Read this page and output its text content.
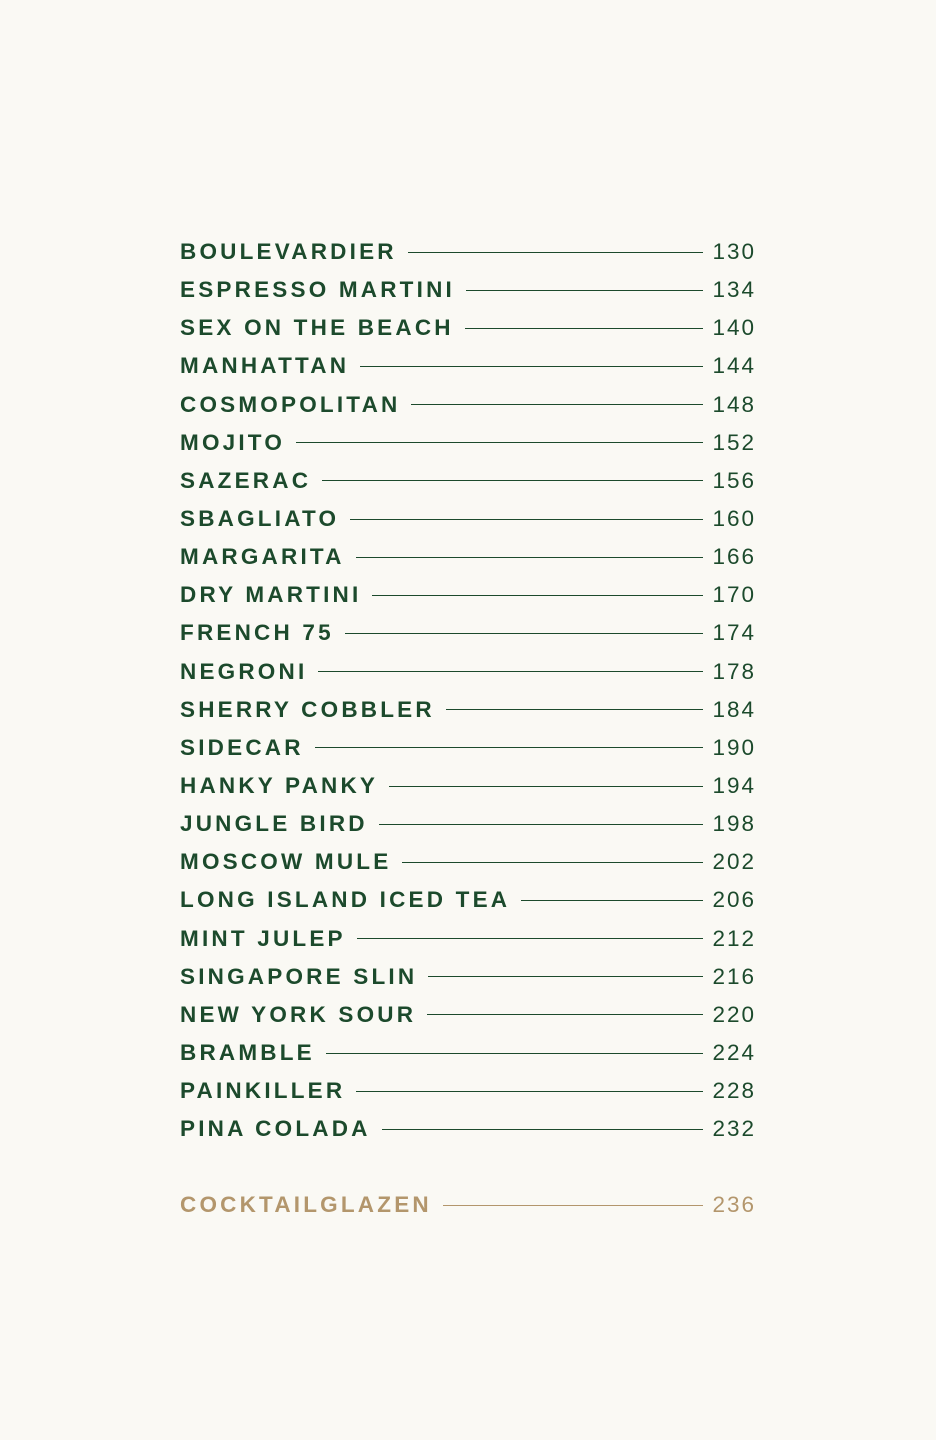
BOULEVARDIER	130
ESPRESSO MARTINI	134
SEX ON THE BEACH	140
MANHATTAN	144
COSMOPOLITAN	148
MOJITO	152
SAZERAC	156
SBAGLIATO	160
MARGARITA	166
DRY MARTINI	170
FRENCH 75	174
NEGRONI	178
SHERRY COBBLER	184
SIDECAR	190
HANKY PANKY	194
JUNGLE BIRD	198
MOSCOW MULE	202
LONG ISLAND ICED TEA	206
MINT JULEP	212
SINGAPORE SLIN	216
NEW YORK SOUR	220
BRAMBLE	224
PAINKILLER	228
PINA COLADA	232
COCKTAILGLAZEN	236
